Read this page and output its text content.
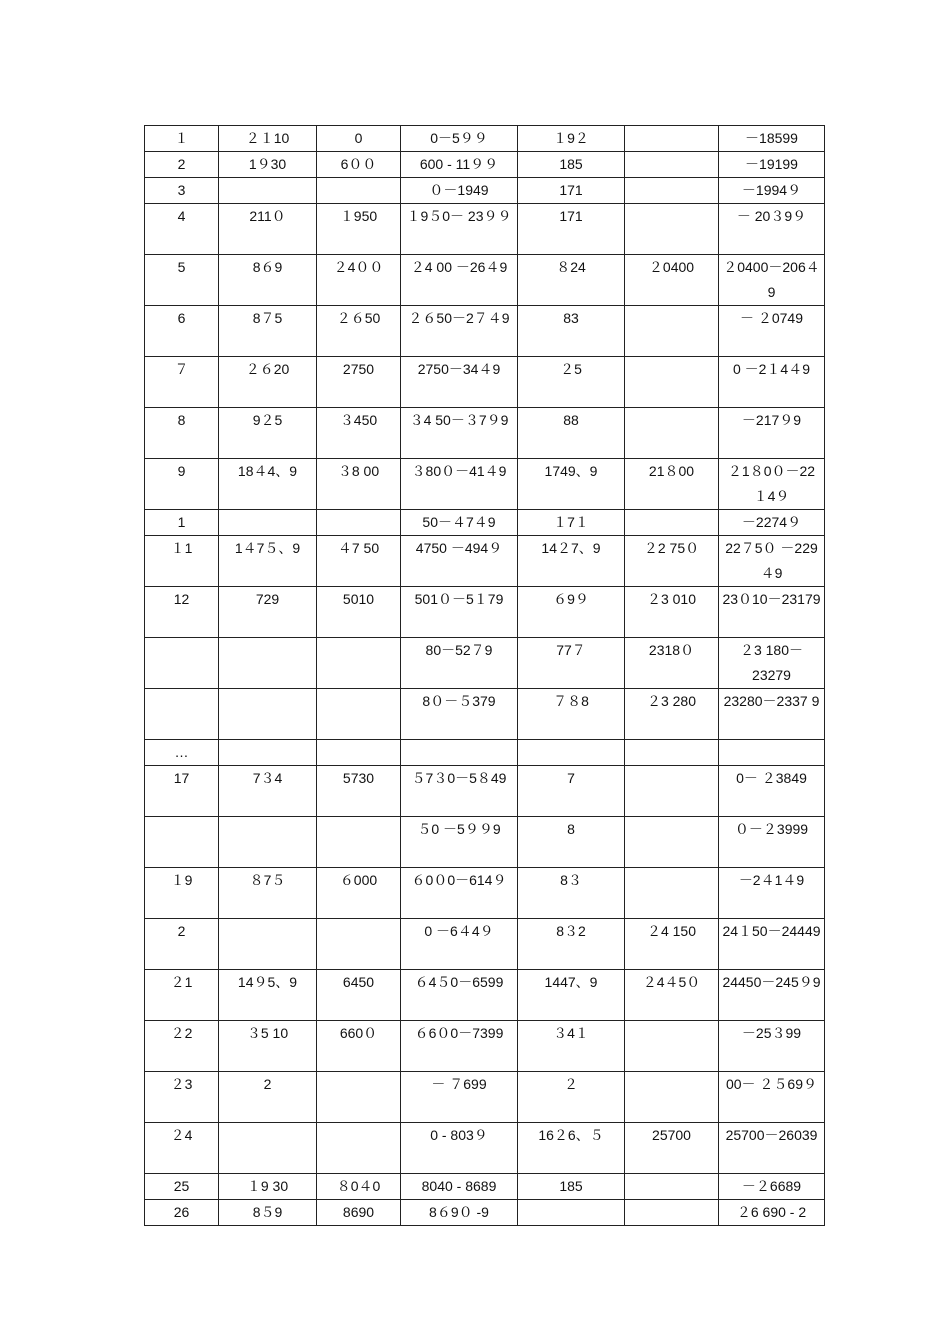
１	２１10	0	0－5９９	１9２		－18599
2	1９30	6００	600 - 11９９	185		－19199
3			０－1949	171		－1994９
4	211０	１950	１9５0－ 23９９	171		－ 20３9９
5	8６9	２4００	２4 00 －26４9	８24	２0400	２0400－206４9
6	8７5	２６50	２６50－2７４9	83		－ ２0749
７	２６20	2750	2750－34４9	２5		0 －2１4４9
8	9２5	３450	３4 50－３7９9	88		－217９9
9	18４4、9	３8 00	３80０－41４9	1749、9	21８00	２1８0０－22１4９
1			50－４7４9	１7１		－2274９
１1	1４7５、9	４7 50	4750 －494９	14２7、9	２2 75０	22７5０ －229４9
12	729	5010	501０－5１79	６9９	２3 010	23０10－23179
			80－52７9	77７	2318０	２3 180－23279
			8０－５379	７８8	２3 280	23280－2337 9
…						
17	7３4	5730	５7３0－5８49	7		0－ ２3849
			５0 －5９９9	8		０－２3999
１9	８7５	６000	６0０0－614９	8３		－2４1４9
2			0 －6４4９	8３2	２4 150	24１50－24449
２1	14９5、9	6450	６4５0－6599	1447、9	２4４5０	24450－245９9
２2	３5 10	660０	６6０0－7399	３4１		－25３99
２3	2		－ ７699	２		00－ ２５69９
２4			0 - 803９	16２6、５	25700	25700－26039
25	１9 30	８0４0	8040 - 8689	185		－２6689
26	8５9	8690	8６9０ -9			２6 690 - 2
